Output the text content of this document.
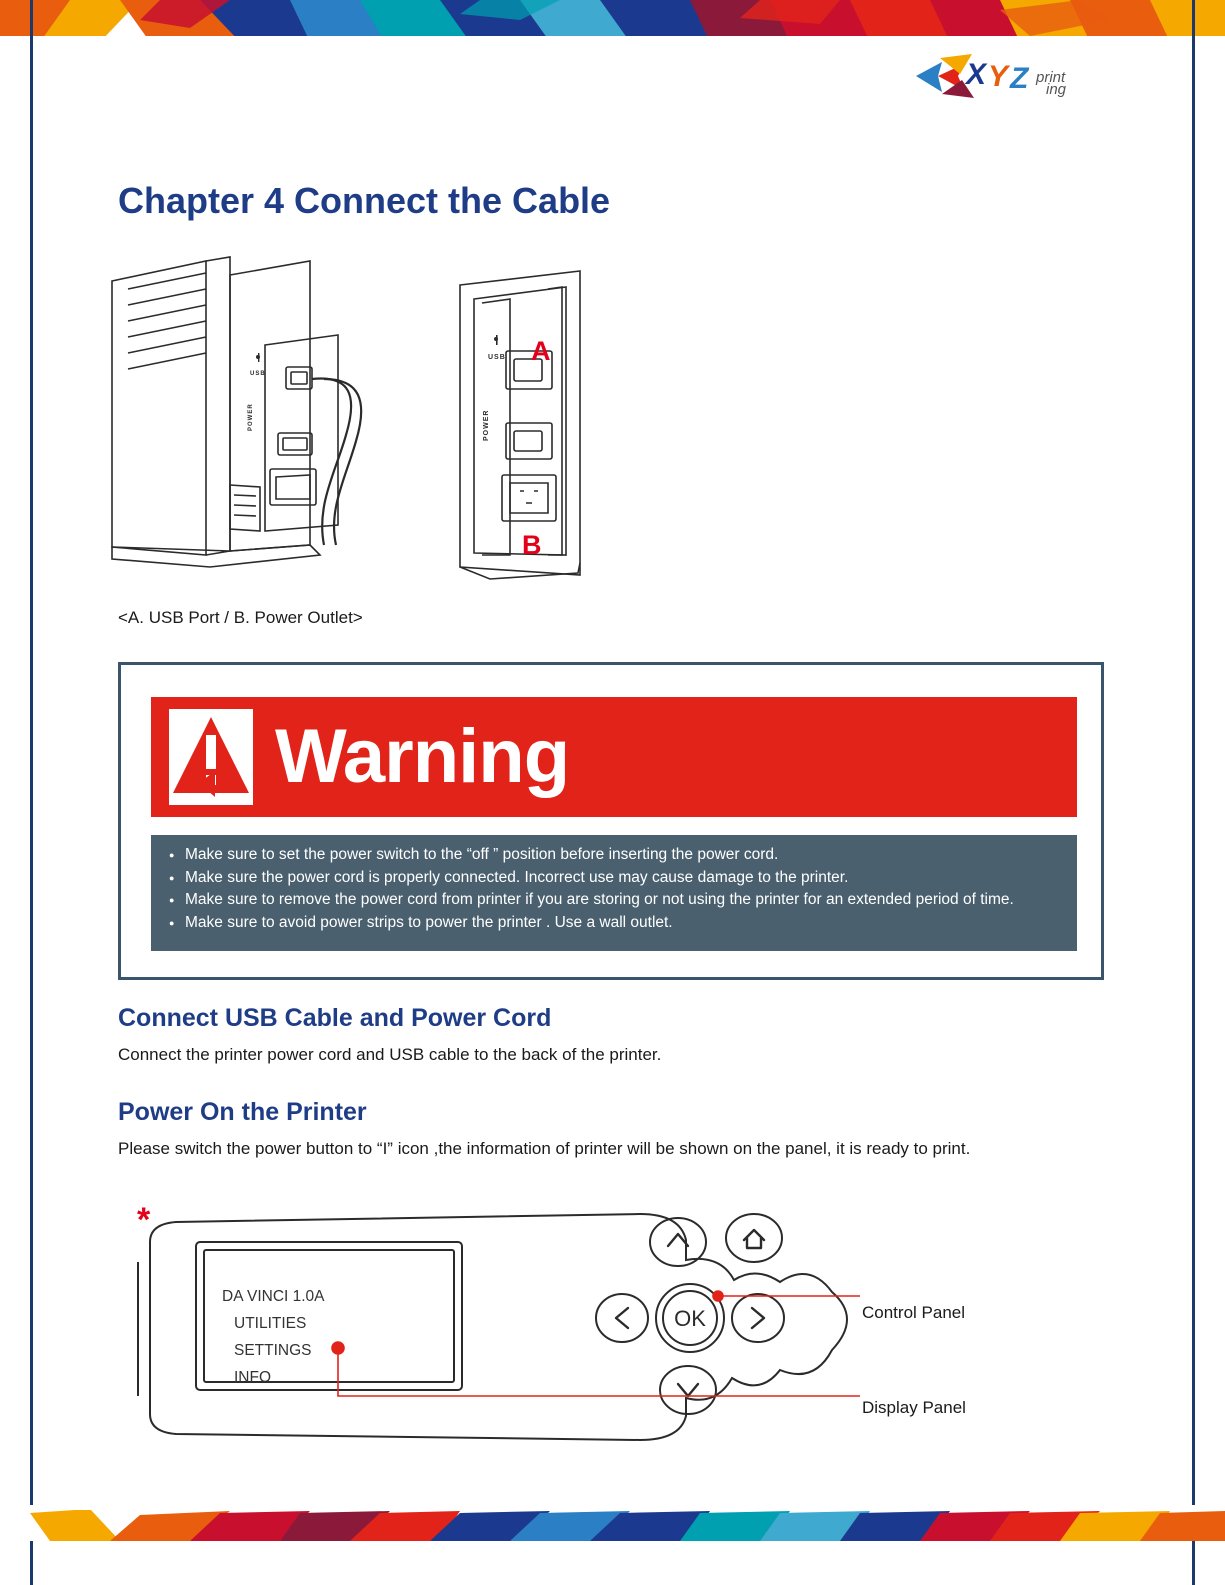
X Y Z print
ing
Chapter 4 Connect the Cable
USB
POWER
USB
POWER
A
B
<A. USB Port / B. Power Outlet>
Warning
● Make sure to set the power switch to the “off ” position before inserting the power cord.
● Make sure the power cord is properly connected. Incorrect use may cause damage to the printer.
● Make sure to remove the power cord from printer if you are storing or not using the printer for an extended period of time.
● Make sure to avoid power strips to power the printer . Use a wall outlet.
Connect USB Cable and Power Cord
Connect the printer power cord and USB cable to the back of the printer.
Power On the Printer
Please switch the power button to “I” icon ,the information of printer will be shown on the panel, it is ready to print.
*
OK
DA VINCI 1.0A
UTILITIES
SETTINGS
INFO
Control Panel
Display Panel
